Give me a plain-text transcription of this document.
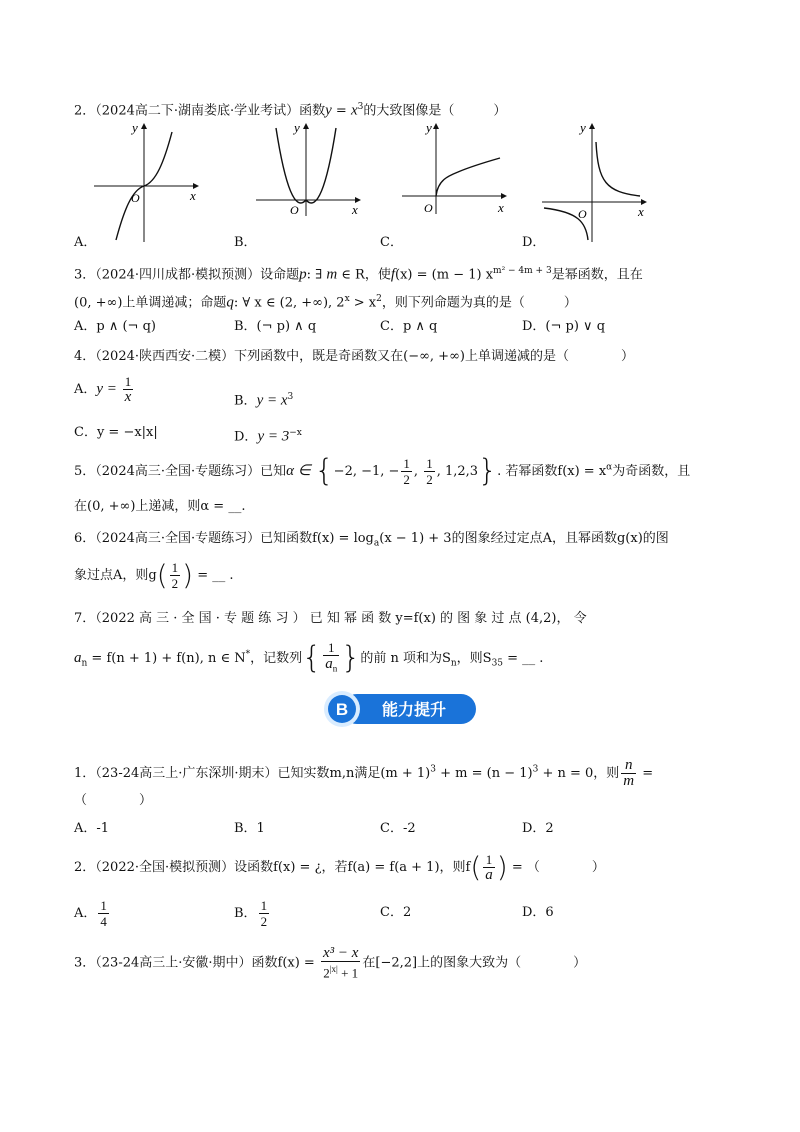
2．（2024高二下·湖南娄底·学业考试）函数$y = x^3$的大致图像是（　　　）
y
x
O
y
x
O
y
x
O
y
x
O
A．	B．	C．	D．
3．（2024·四川成都·模拟预测）设命题p: ∃ m ∈ R，使f(x) = (m − 1) $x^{m^2 - 4m + 3}$是幂函数，且在
(0, +∞)上单调递减；命题q: ∀ x ∈ (2, +∞), $2^x > x^2$，则下列命题为真的是（　　　）
A．p ∧ (¬ q)	B．(¬ p) ∧ q	C．p ∧ q	D．(¬ p) ∨ q
4．（2024·陕西西安·二模）下列函数中，既是奇函数又在(−∞, +∞)上单调递减的是（　　　　）
A．$y = \frac{1}{x}$	B．$y = x^3$
C．y = −x|x|	D．$y = 3^{-x}$
5．（2024高三·全国·专题练习）已知α ∈ {−2, −1, − $\frac{1}{2}$ , $\frac{1}{2}$ , 1,2,3}. 若幂函数$f(x) = x^\alpha$为奇函数，且
在(0, +∞)上递减，则α = __.
6．（2024高三·全国·专题练习）已知函数$f(x) = \log_a(x - 1) + 3$的图象经过定点A，且幂函数g(x)的图
象过点A，则$g( \frac{1}{2}$ ) = __ .
7．（2022 高 三 · 全 国 · 专 题 练 习 ） 已 知 幂 函 数 y=f(x) 的 图 象 过 点 (4,2)， 令
$a_n = f(n + 1) + f(n)$, n ∈ N*，记数列{ $\frac{1}{a_n}$ }的前 n 项和为$S_n$，则$S_{35}$ = __ .
B 能力提升
1．（23-24高三上·广东深圳·期末）已知实数m,n满足$(m + 1)^3 + m = (n - 1)^3 + n = 0$，则 $\frac{n}{m}$ =
（　　　　）
A．-1	B．1	C．-2	D．2
2．（2022·全国·模拟预测）设函数f(x) = ¿，若f(a) = f(a + 1)，则$f( \frac{1}{a}$ ) = （　　　　）
A． $\frac{1}{4}$	B． $\frac{1}{2}$	C．2	D．6
3．（23-24高三上·安徽·期中）函数$f(x) = \frac{\text{x³ − x}}{2^{|x|} + 1}$ 在[−2,2]上的图象大致为（　　　　）
